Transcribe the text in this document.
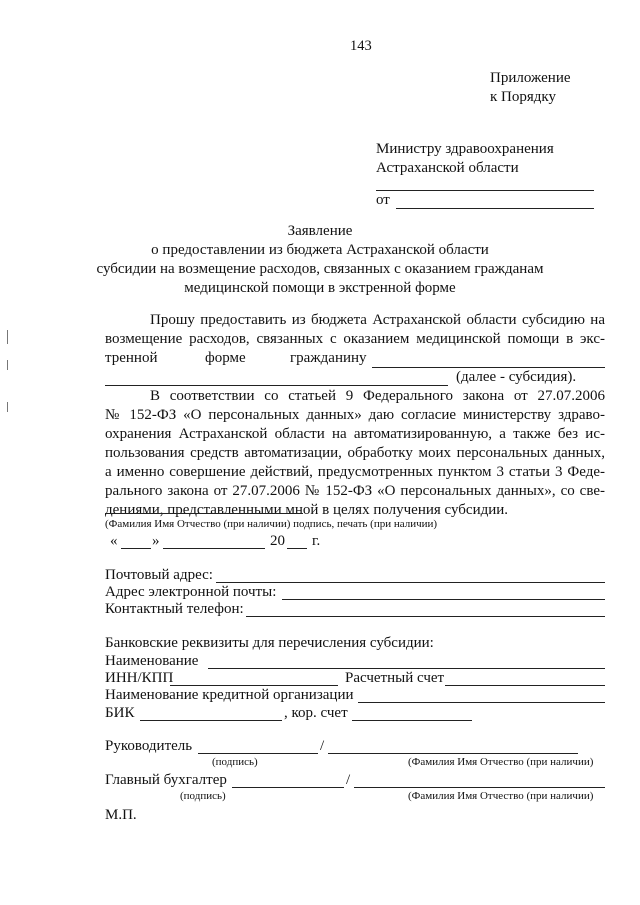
143
Приложение
к Порядку
Министру здравоохранения
Астраханской области
от
Заявление
о предоставлении из бюджета Астраханской области
субсидии на возмещение расходов, связанных с оказанием гражданам
медицинской помощи в экстренной форме
Прошу предоставить из бюджета Астраханской области субсидию на
возмещение расходов, связанных с оказанием медицинской помощи в экс-
тренной	форме	гражданину
(далее - субсидия).
В соответствии со статьей 9 Федерального закона от 27.07.2006
№ 152-ФЗ «О персональных данных» даю согласие министерству здраво-
охранения Астраханской области на автоматизированную, а также без ис-
пользования средств автоматизации, обработку моих персональных данных,
а именно совершение действий, предусмотренных пунктом 3 статьи 3 Феде-
рального закона от 27.07.2006 № 152-ФЗ «О персональных данных», со све-
дениями, представленными мной в целях получения субсидии.
(Фамилия Имя Отчество (при наличии) подпись, печать (при наличии)
« »	20 г.
Почтовый адрес:
Адрес электронной почты:
Контактный телефон:
Банковские реквизиты для перечисления субсидии:
Наименование
ИНН/КПП	Расчетный счет
Наименование кредитной организации
БИК	, кор. счет
Руководитель	/
(подпись)	(Фамилия Имя Отчество (при наличии)
Главный бухгалтер	/
(подпись)	(Фамилия Имя Отчество (при наличии)
М.П.
